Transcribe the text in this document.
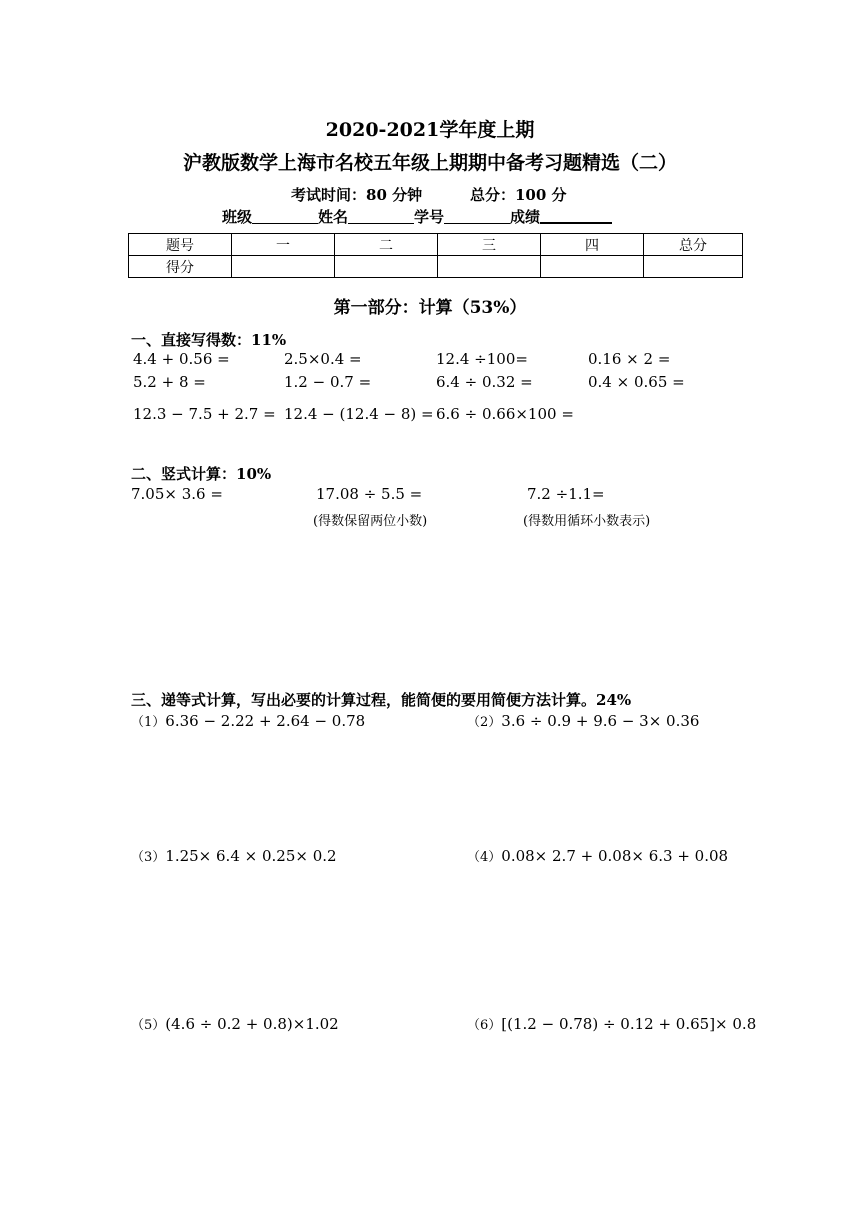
2020-2021学年度上期
沪教版数学上海市名校五年级上期期中备考习题精选（二）
考试时间：80 分钟	总分：100 分
班级	姓名	学号	成绩
题号	一	二	三	四	总分
得分					
第一部分：计算（53%）
一、直接写得数：11%
4.4 + 0.56 =	2.5×0.4 =	12.4 ÷100=	0.16 × 2 =
5.2 + 8 =	1.2 − 0.7 =	6.4 ÷ 0.32 =	0.4 × 0.65 =
12.3 − 7.5 + 2.7 = 12.4 − (12.4 − 8) = 6.6 ÷ 0.66×100 =
二、竖式计算：10%
7.05× 3.6 =	17.08 ÷ 5.5 =	7.2 ÷1.1=
(得数保留两位小数)	(得数用循环小数表示)
三、递等式计算，写出必要的计算过程，能简便的要用简便方法计算。24%
（1）6.36 − 2.22 + 2.64 − 0.78	（2）3.6 ÷ 0.9 + 9.6 − 3× 0.36
（3）1.25× 6.4 × 0.25× 0.2	（4）0.08× 2.7 + 0.08× 6.3 + 0.08
（5）(4.6 ÷ 0.2 + 0.8)×1.02	（6）[(1.2 − 0.78) ÷ 0.12 + 0.65]× 0.8
